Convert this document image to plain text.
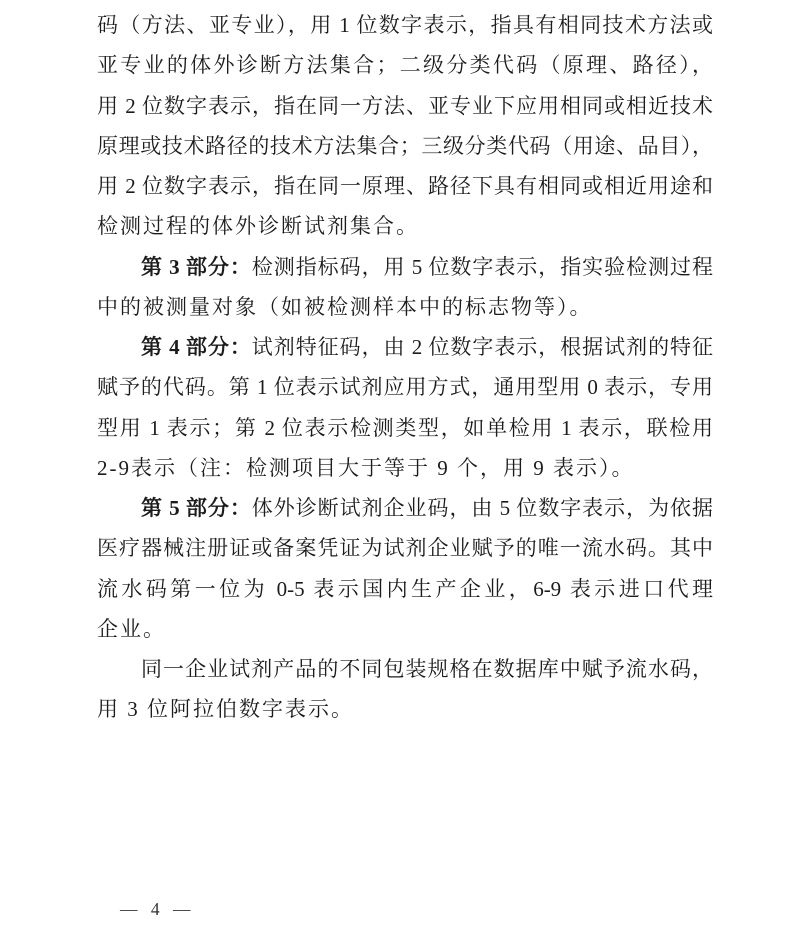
码（方法、亚专业），用 1 位数字表示，指具有相同技术方法或
亚专业的体外诊断方法集合；二级分类代码（原理、路径），
用 2 位数字表示，指在同一方法、亚专业下应用相同或相近技术
原理或技术路径的技术方法集合；三级分类代码（用途、品目），
用 2 位数字表示，指在同一原理、路径下具有相同或相近用途和
检测过程的体外诊断试剂集合。
第 3 部分：检测指标码，用 5 位数字表示，指实验检测过程
中的被测量对象（如被检测样本中的标志物等）。
第 4 部分：试剂特征码，由 2 位数字表示，根据试剂的特征
赋予的代码。第 1 位表示试剂应用方式，通用型用 0 表示，专用
型用 1 表示；第 2 位表示检测类型，如单检用 1 表示，联检用
2-9表示（注：检测项目大于等于 9 个，用 9 表示）。
第 5 部分：体外诊断试剂企业码，由 5 位数字表示，为依据
医疗器械注册证或备案凭证为试剂企业赋予的唯一流水码。其中
流水码第一位为 0-5 表示国内生产企业，6-9 表示进口代理
企业。
同一企业试剂产品的不同包装规格在数据库中赋予流水码，
用 3 位阿拉伯数字表示。
— 4 —
